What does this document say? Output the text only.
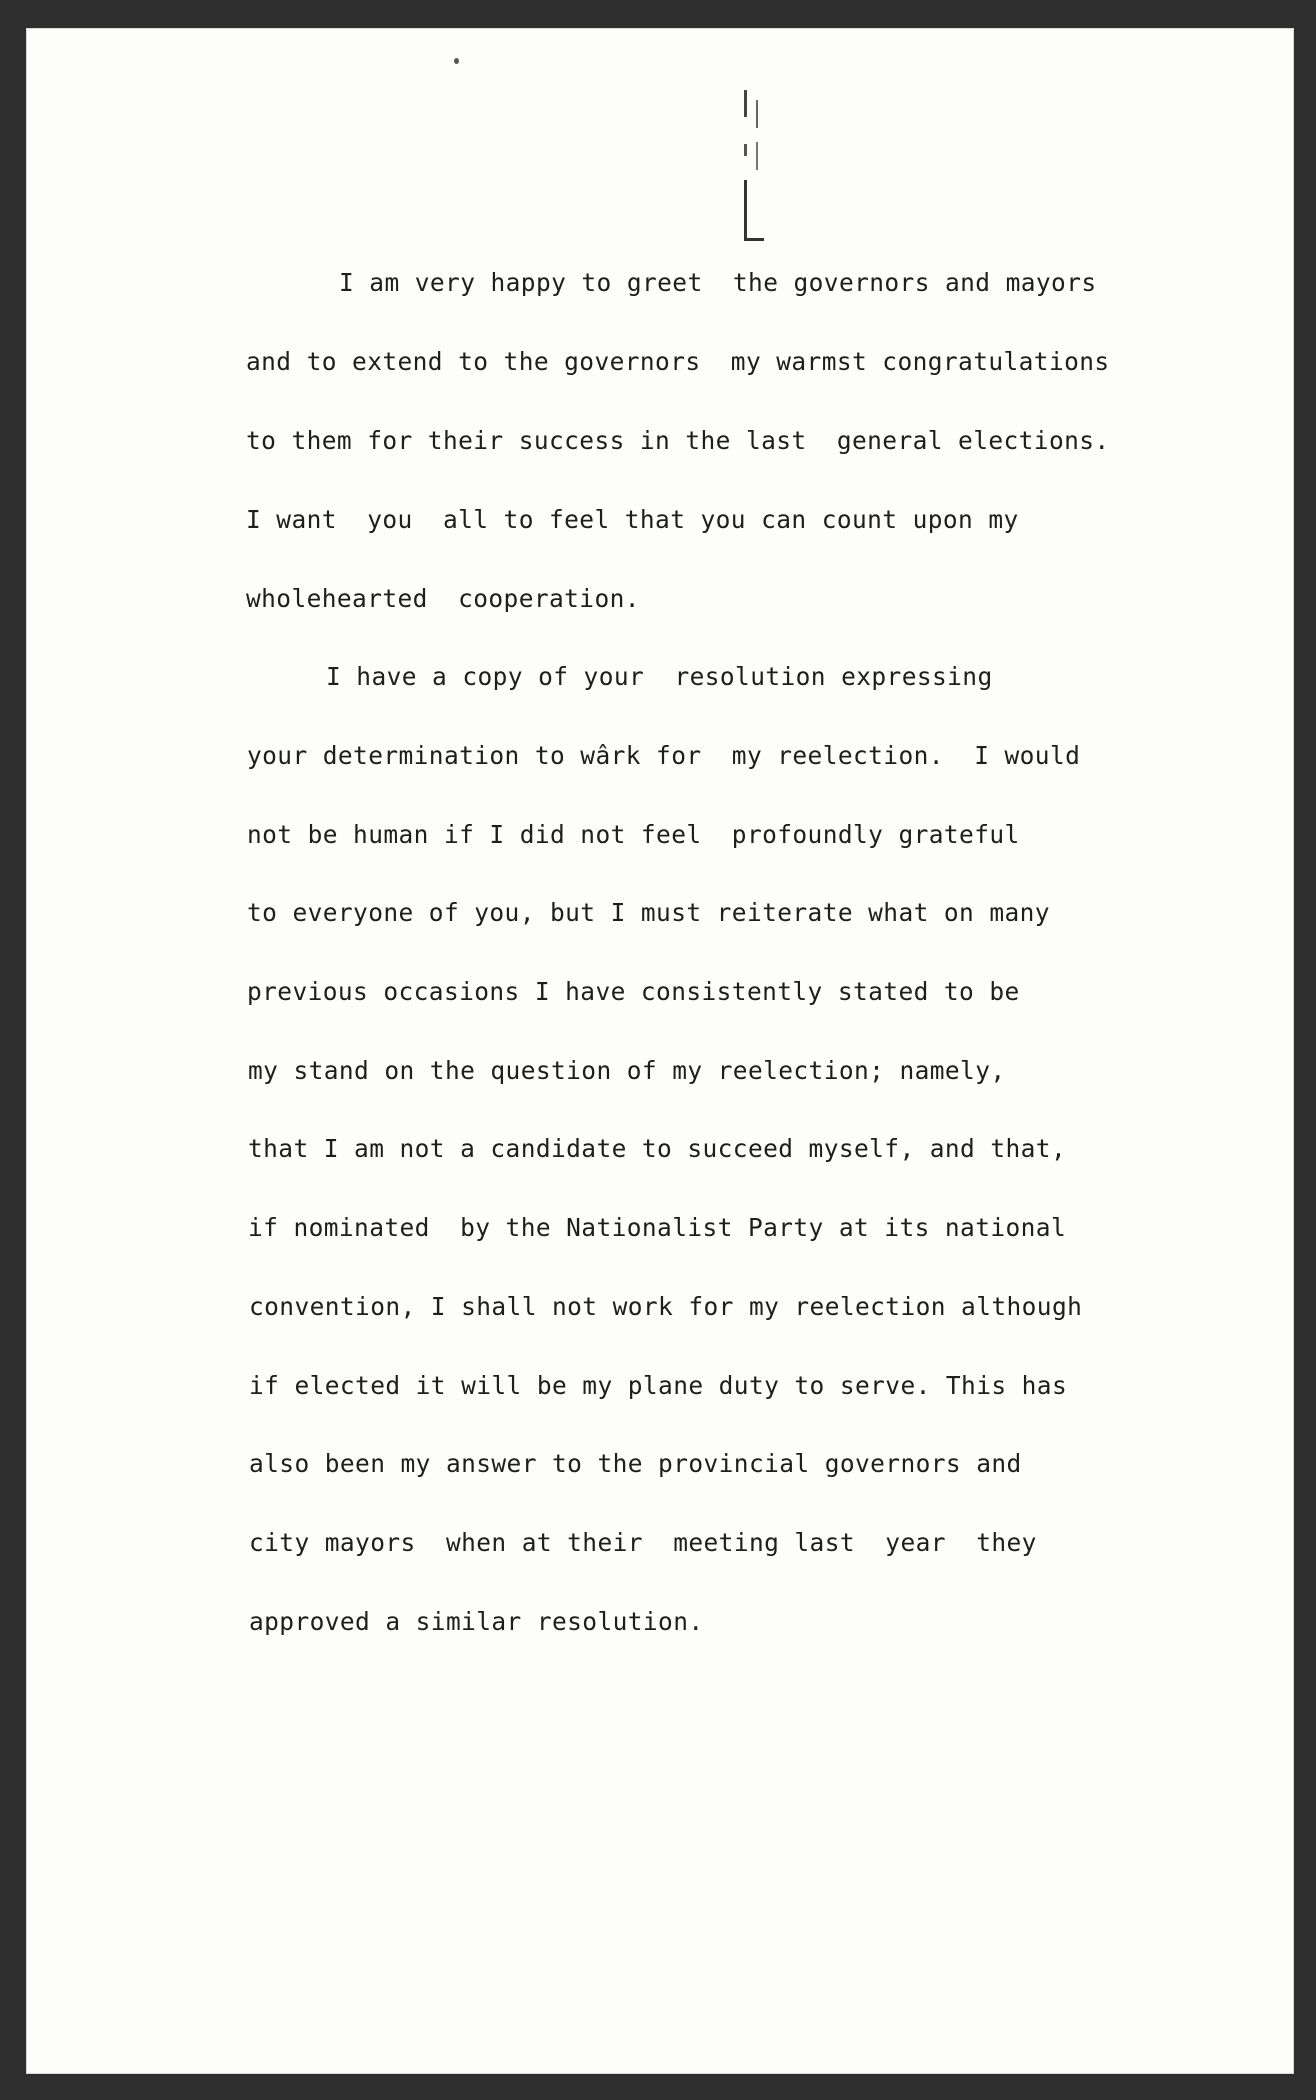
I am very happy to greet  the governors and mayors
and to extend to the governors  my warmst congratulations
to them for their success in the last  general elections.
I want  you  all to feel that you can count upon my
wholehearted  cooperation.
I have a copy of your  resolution expressing
your determination to wârk for  my reelection.  I would
not be human if I did not feel  profoundly grateful
to everyone of you, but I must reiterate what on many
previous occasions I have consistently stated to be
my stand on the question of my reelection; namely,
that I am not a candidate to succeed myself, and that,
if nominated  by the Nationalist Party at its national
convention, I shall not work for my reelection although
if elected it will be my plane duty to serve. This has
also been my answer to the provincial governors and
city mayors  when at their  meeting last  year  they
approved a similar resolution.
